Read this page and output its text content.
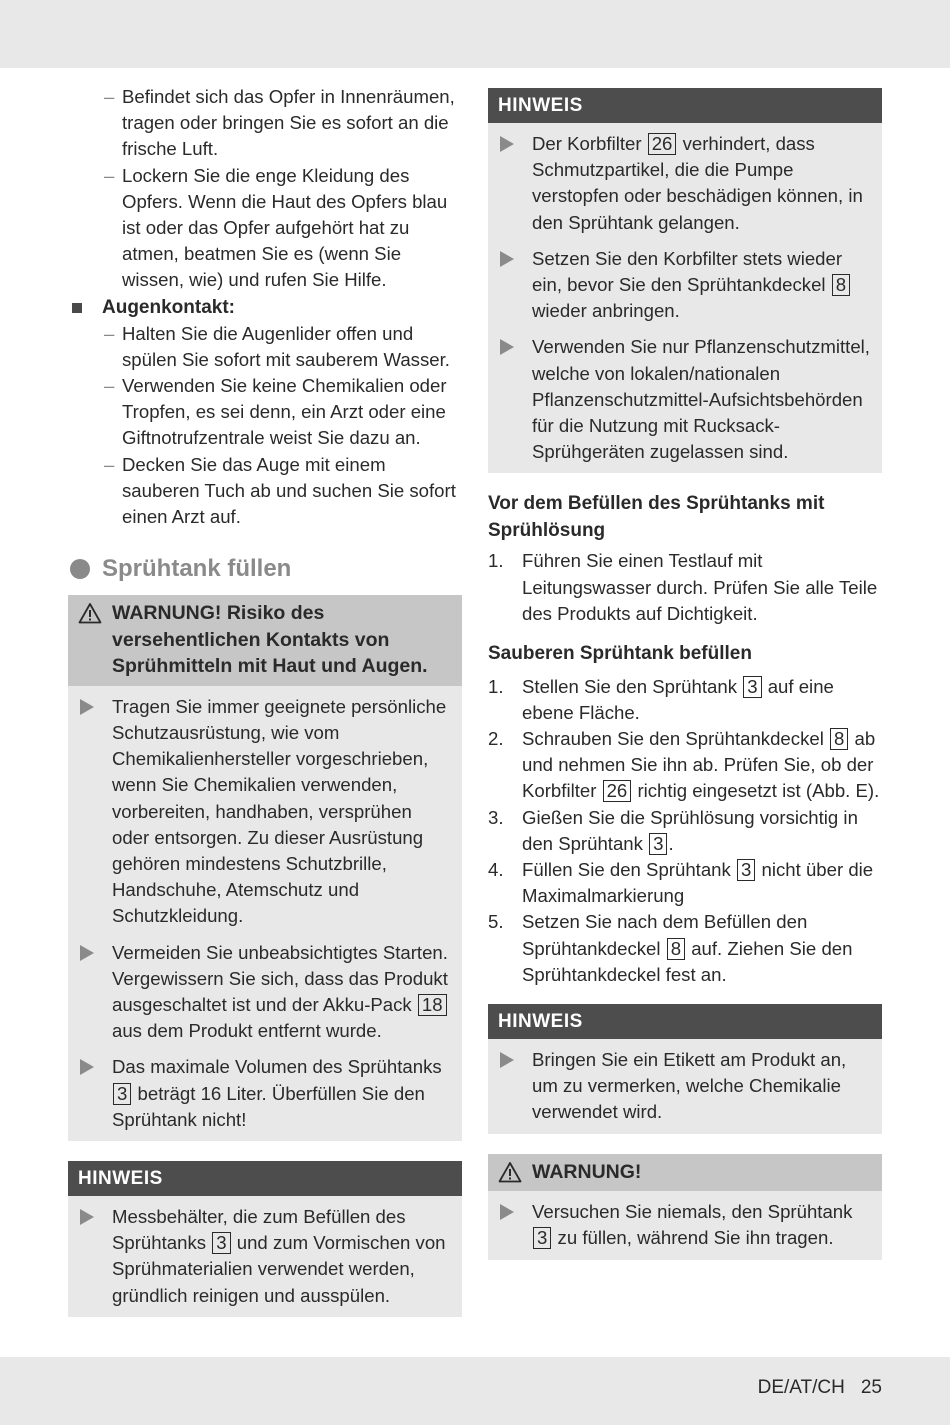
– Befindet sich das Opfer in Innenräumen, tragen oder bringen Sie es sofort an die frische Luft.
– Lockern Sie die enge Kleidung des Opfers. Wenn die Haut des Opfers blau ist oder das Opfer aufgehört hat zu atmen, beatmen Sie es (wenn Sie wissen, wie) und rufen Sie Hilfe.
Augenkontakt:
– Halten Sie die Augenlider offen und spülen Sie sofort mit sauberem Wasser.
– Verwenden Sie keine Chemikalien oder Tropfen, es sei denn, ein Arzt oder eine Giftnotrufzentrale weist Sie dazu an.
– Decken Sie das Auge mit einem sauberen Tuch ab und suchen Sie sofort einen Arzt auf.
Sprühtank füllen
WARNUNG! Risiko des versehentlichen Kontakts von Sprühmitteln mit Haut und Augen.
Tragen Sie immer geeignete persönliche Schutzausrüstung, wie vom Chemikalienhersteller vorgeschrieben, wenn Sie Chemikalien verwenden, vorbereiten, handhaben, versprühen oder entsorgen. Zu dieser Ausrüstung gehören mindestens Schutzbrille, Handschuhe, Atemschutz und Schutzkleidung.
Vermeiden Sie unbeabsichtigtes Starten. Vergewissern Sie sich, dass das Produkt ausgeschaltet ist und der Akku-Pack 18 aus dem Produkt entfernt wurde.
Das maximale Volumen des Sprühtanks 3 beträgt 16 Liter. Überfüllen Sie den Sprühtank nicht!
HINWEIS
Messbehälter, die zum Befüllen des Sprühtanks 3 und zum Vormischen von Sprühmaterialien verwendet werden, gründlich reinigen und ausspülen.
HINWEIS
Der Korbfilter 26 verhindert, dass Schmutzpartikel, die die Pumpe verstopfen oder beschädigen können, in den Sprühtank gelangen.
Setzen Sie den Korbfilter stets wieder ein, bevor Sie den Sprühtankdeckel 8 wieder anbringen.
Verwenden Sie nur Pflanzenschutzmittel, welche von lokalen/nationalen Pflanzenschutzmittel-Aufsichtsbehörden für die Nutzung mit Rucksack-Sprühgeräten zugelassen sind.
Vor dem Befüllen des Sprühtanks mit Sprühlösung
1. Führen Sie einen Testlauf mit Leitungswasser durch. Prüfen Sie alle Teile des Produkts auf Dichtigkeit.
Sauberen Sprühtank befüllen
1. Stellen Sie den Sprühtank 3 auf eine ebene Fläche.
2. Schrauben Sie den Sprühtankdeckel 8 ab und nehmen Sie ihn ab. Prüfen Sie, ob der Korbfilter 26 richtig eingesetzt ist (Abb. E).
3. Gießen Sie die Sprühlösung vorsichtig in den Sprühtank 3 .
4. Füllen Sie den Sprühtank 3 nicht über die Maximalmarkierung
5. Setzen Sie nach dem Befüllen den Sprühtankdeckel 8 auf. Ziehen Sie den Sprühtankdeckel fest an.
HINWEIS
Bringen Sie ein Etikett am Produkt an, um zu vermerken, welche Chemikalie verwendet wird.
WARNUNG!
Versuchen Sie niemals, den Sprühtank 3 zu füllen, während Sie ihn tragen.
DE/AT/CH 25
